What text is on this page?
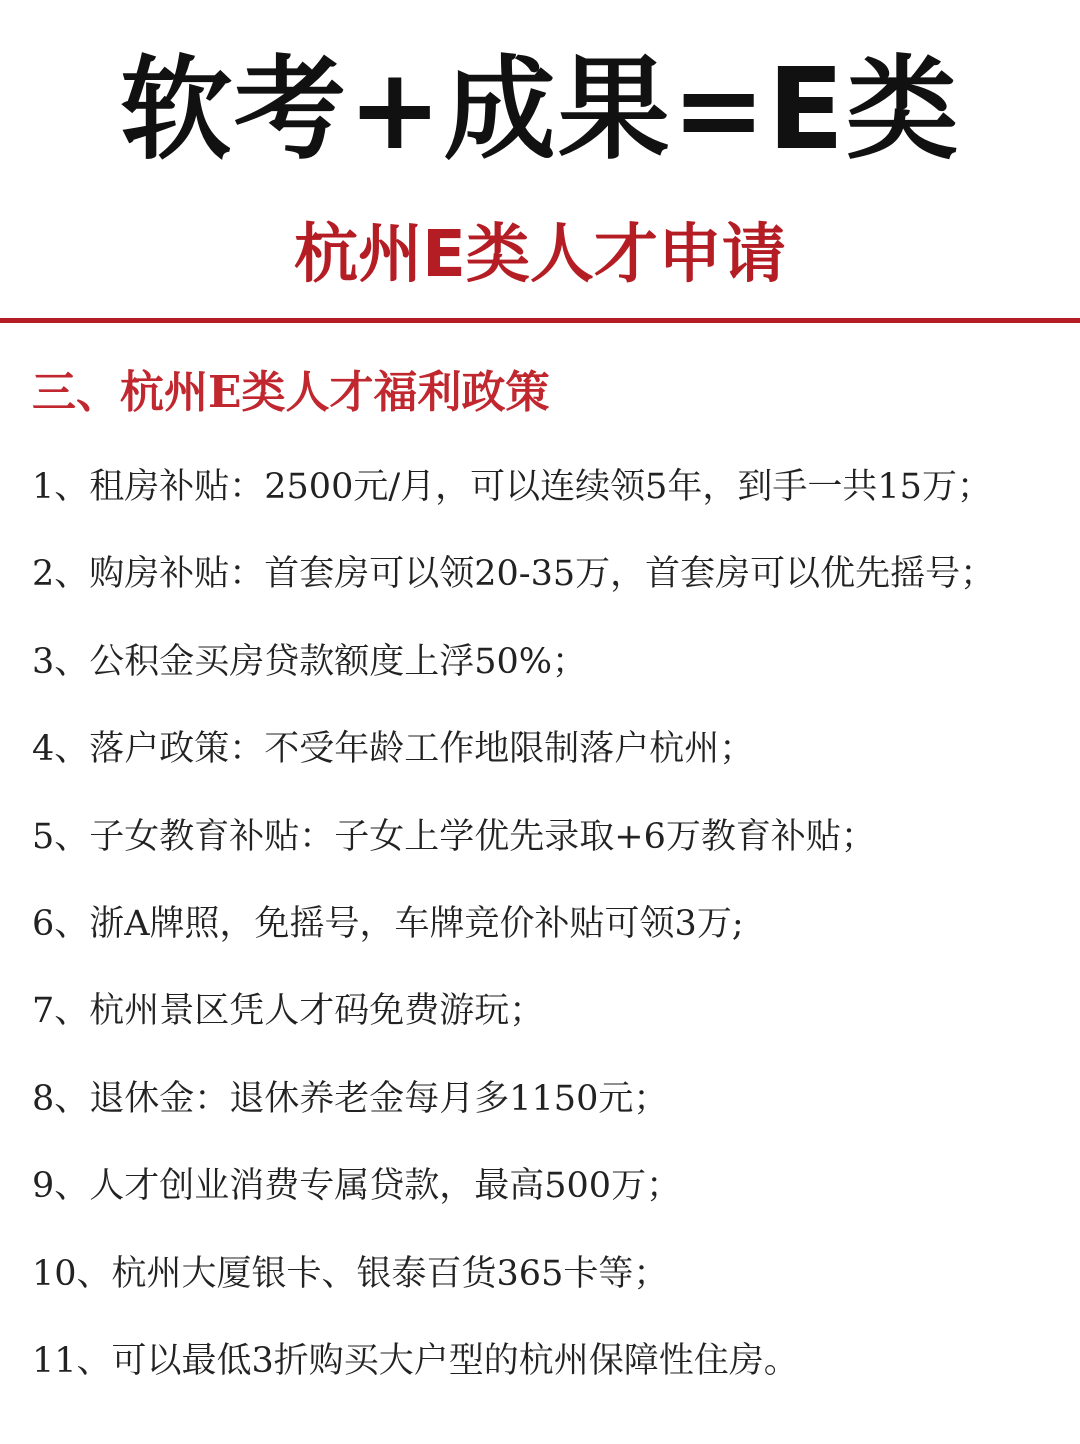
软考+成果=E类
杭州E类人才申请
三、杭州E类人才福利政策
1、租房补贴：2500元/月，可以连续领5年，到手一共15万；
2、购房补贴：首套房可以领20-35万，首套房可以优先摇号；
3、公积金买房贷款额度上浮50%；
4、落户政策：不受年龄工作地限制落户杭州；
5、子女教育补贴：子女上学优先录取+6万教育补贴；
6、浙A牌照，免摇号，车牌竞价补贴可领3万;
7、杭州景区凭人才码免费游玩；
8、退休金：退休养老金每月多1150元；
9、人才创业消费专属贷款，最高500万；
10、杭州大厦银卡、银泰百货365卡等；
11、可以最低3折购买大户型的杭州保障性住房。
